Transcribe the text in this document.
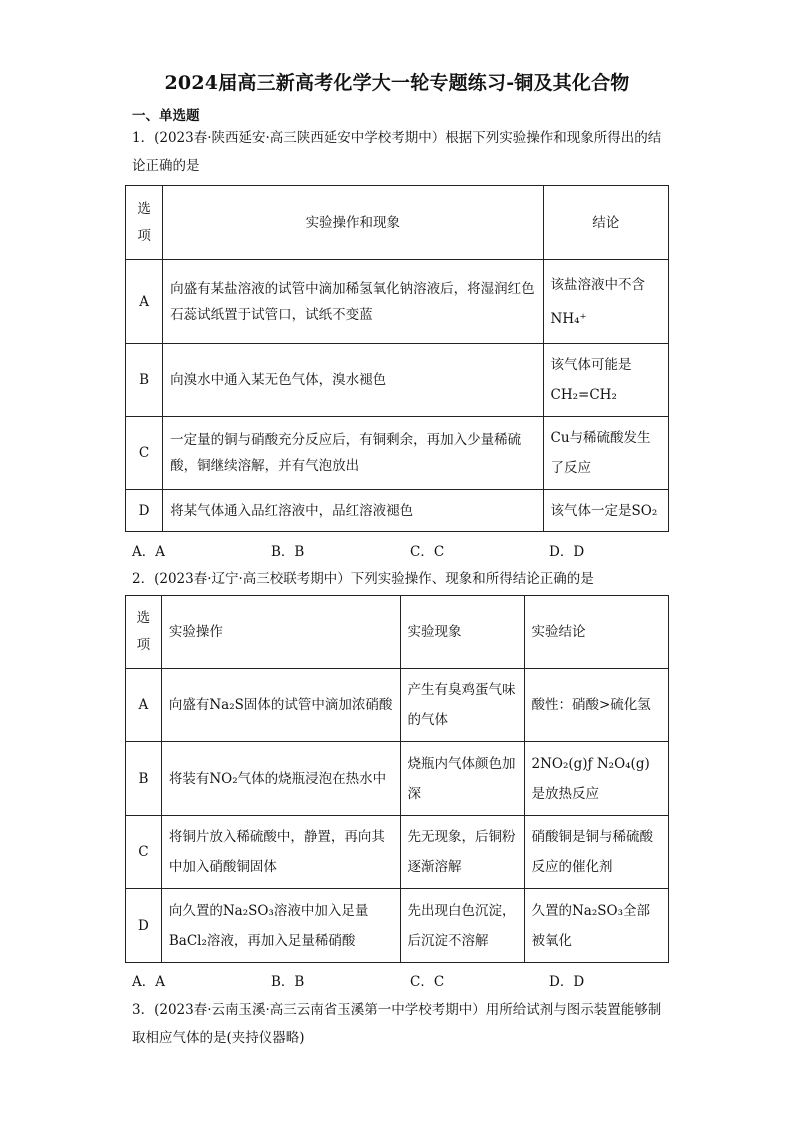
2024届高三新高考化学大一轮专题练习-铜及其化合物
一、单选题
1．(2023春·陕西延安·高三陕西延安中学校考期中）根据下列实验操作和现象所得出的结论正确的是
选项	实验操作和现象	结论
A	向盛有某盐溶液的试管中滴加稀氢氧化钠溶液后，将湿润红色石蕊试纸置于试管口，试纸不变蓝	该盐溶液中不含NH₄⁺
B	向溴水中通入某无色气体，溴水褪色	该气体可能是CH₂=CH₂
C	一定量的铜与硝酸充分反应后，有铜剩余，再加入少量稀硫酸，铜继续溶解，并有气泡放出	Cu与稀硫酸发生了反应
D	将某气体通入品红溶液中，品红溶液褪色	该气体一定是SO₂
A．A	B．B	C．C	D．D
2．(2023春·辽宁·高三校联考期中）下列实验操作、现象和所得结论正确的是
选项	实验操作	实验现象	实验结论
A	向盛有Na₂S固体的试管中滴加浓硝酸	产生有臭鸡蛋气味的气体	酸性：硝酸>硫化氢
B	将装有NO₂气体的烧瓶浸泡在热水中	烧瓶内气体颜色加深	2NO₂(g)ƒ N₂O₄(g)是放热反应
C	将铜片放入稀硫酸中，静置，再向其中加入硝酸铜固体	先无现象，后铜粉逐渐溶解	硝酸铜是铜与稀硫酸反应的催化剂
D	向久置的Na₂SO₃溶液中加入足量BaCl₂溶液，再加入足量稀硝酸	先出现白色沉淀，后沉淀不溶解	久置的Na₂SO₃全部被氧化
A．A	B．B	C．C	D．D
3．(2023春·云南玉溪·高三云南省玉溪第一中学校考期中）用所给试剂与图示装置能够制取相应气体的是(夹持仪器略)
